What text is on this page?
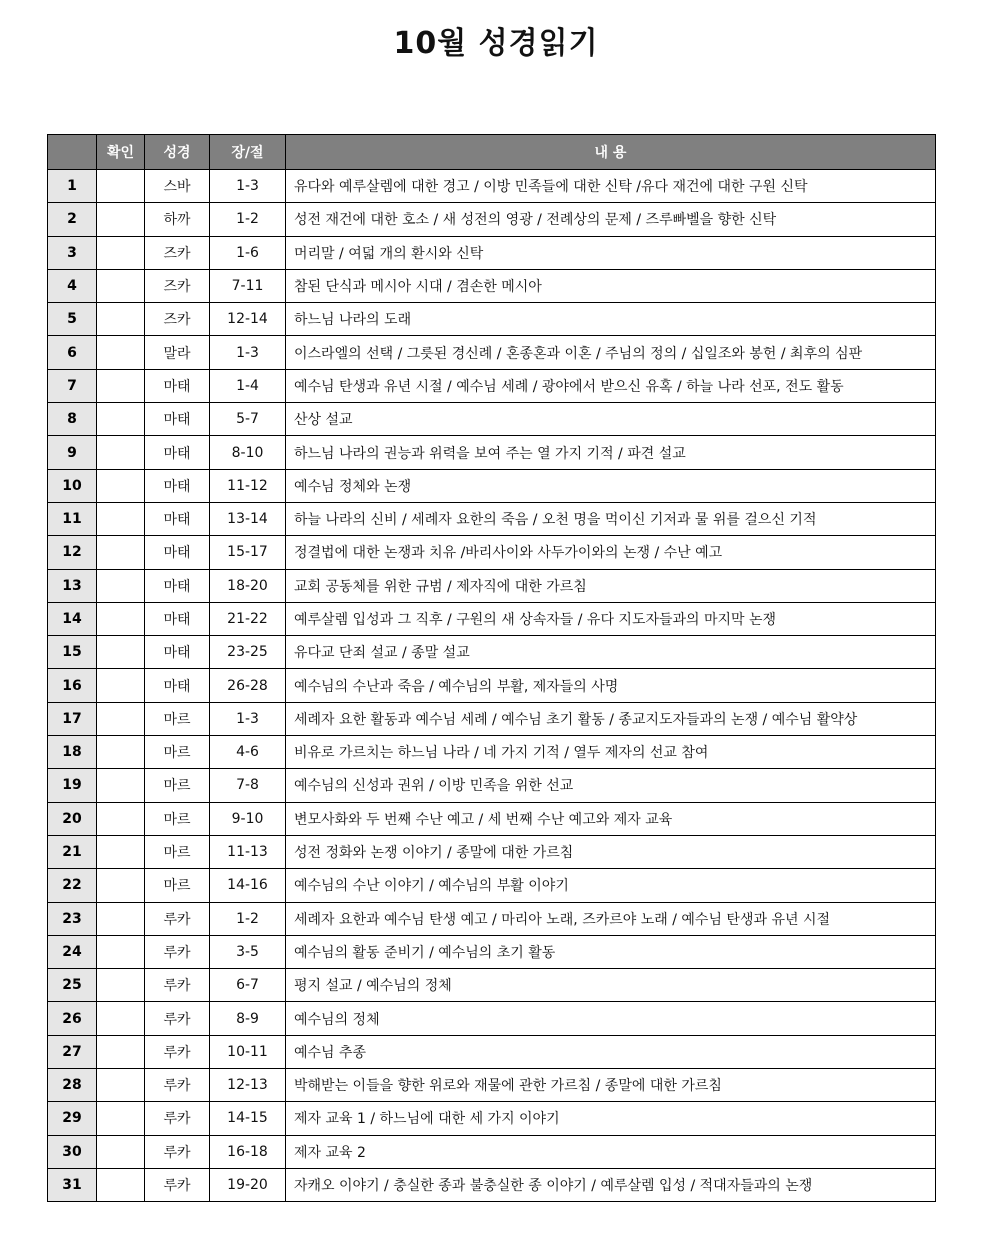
10월 성경읽기
	확인	성경	장/절	내 용
1		스바	1-3	유다와 예루살렘에 대한 경고 / 이방 민족들에 대한 신탁 /유다 재건에 대한 구원 신탁
2		하까	1-2	성전 재건에 대한 호소 / 새 성전의 영광 / 전례상의 문제 / 즈루빠벨을 향한 신탁
3		즈카	1-6	머리말 / 여덟 개의 환시와 신탁
4		즈카	7-11	참된 단식과 메시아 시대 / 겸손한 메시아
5		즈카	12-14	하느님 나라의 도래
6		말라	1-3	이스라엘의 선택 / 그릇된 경신례 / 혼종혼과 이혼 / 주님의 정의 / 십일조와 봉헌 / 최후의 심판
7		마태	1-4	예수님 탄생과 유년 시절 / 예수님 세례 / 광야에서 받으신 유혹 / 하늘 나라 선포, 전도 활동
8		마태	5-7	산상 설교
9		마태	8-10	하느님 나라의 권능과 위력을 보여 주는 열 가지 기적 / 파견 설교
10		마태	11-12	예수님 정체와 논쟁
11		마태	13-14	하늘 나라의 신비 / 세례자 요한의 죽음 / 오천 명을 먹이신 기저과 물 위를 걸으신 기적
12		마태	15-17	정결법에 대한 논쟁과 치유 /바리사이와 사두가이와의 논쟁 / 수난 예고
13		마태	18-20	교회 공동체를 위한 규범 / 제자직에 대한 가르침
14		마태	21-22	예루살렘 입성과 그 직후 / 구원의 새 상속자들 / 유다 지도자들과의 마지막 논쟁
15		마태	23-25	유다교 단죄 설교 / 종말 설교
16		마태	26-28	예수님의 수난과 죽음 / 예수님의 부활, 제자들의 사명
17		마르	1-3	세례자 요한 활동과 예수님 세례 / 예수님 초기 활동 / 종교지도자들과의 논쟁 / 예수님 활약상
18		마르	4-6	비유로 가르치는 하느님 나라 / 네 가지 기적 / 열두 제자의 선교 참여
19		마르	7-8	예수님의 신성과 권위 / 이방 민족을 위한 선교
20		마르	9-10	변모사화와 두 번째 수난 예고 / 세 번째 수난 예고와 제자 교육
21		마르	11-13	성전 정화와 논쟁 이야기 / 종말에 대한 가르침
22		마르	14-16	예수님의 수난 이야기 / 예수님의 부활 이야기
23		루카	1-2	세례자 요한과 예수님 탄생 예고 / 마리아 노래, 즈카르야 노래 / 예수님 탄생과 유년 시절
24		루카	3-5	예수님의 활동 준비기 / 예수님의 초기 활동
25		루카	6-7	평지 설교 / 예수님의 정체
26		루카	8-9	예수님의 정체
27		루카	10-11	예수님 추종
28		루카	12-13	박해받는 이들을 향한 위로와 재물에 관한 가르침 / 종말에 대한 가르침
29		루카	14-15	제자 교육 1 / 하느님에 대한 세 가지 이야기
30		루카	16-18	제자 교육 2
31		루카	19-20	자캐오 이야기 / 충실한 종과 불충실한 종 이야기 / 예루살렘 입성 / 적대자들과의 논쟁
